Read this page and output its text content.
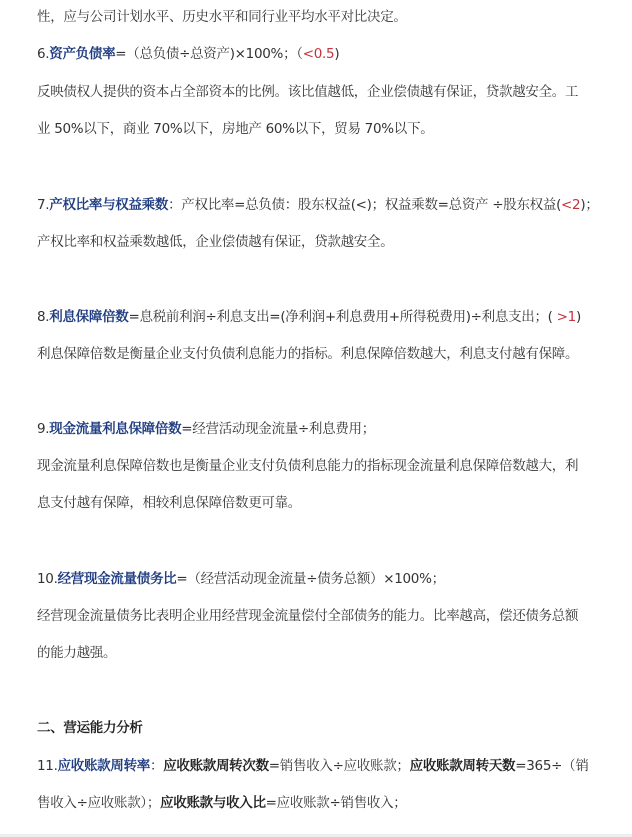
性，应与公司计划水平、历史水平和同行业平均水平对比决定。
6.资产负债率=（总负债÷总资产)×100%；（<0.5)
反映债权人提供的资本占全部资本的比例。该比值越低，企业偿债越有保证，贷款越安全。工
业 50%以下，商业 70%以下，房地产 60%以下，贸易 70%以下。
7.产权比率与权益乘数：产权比率=总负债：股东权益(<)；权益乘数=总资产 ÷股东权益(<2)；
产权比率和权益乘数越低，企业偿债越有保证，贷款越安全。
8.利息保障倍数=息税前利润÷利息支出=(净利润+利息费用+所得税费用)÷利息支出；( >1)
利息保障倍数是衡量企业支付负债利息能力的指标。利息保障倍数越大，利息支付越有保障。
9.现金流量利息保障倍数=经营活动现金流量÷利息费用；
现金流量利息保障倍数也是衡量企业支付负债利息能力的指标现金流量利息保障倍数越大，利
息支付越有保障，相较利息保障倍数更可靠。
10.经营现金流量债务比=（经营活动现金流量÷债务总额）×100%；
经营现金流量债务比表明企业用经营现金流量偿付全部债务的能力。比率越高，偿还债务总额
的能力越强。
二、营运能力分析
11.应收账款周转率：应收账款周转次数=销售收入÷应收账款；应收账款周转天数=365÷（销
售收入÷应收账款）；应收账款与收入比=应收账款÷销售收入；
